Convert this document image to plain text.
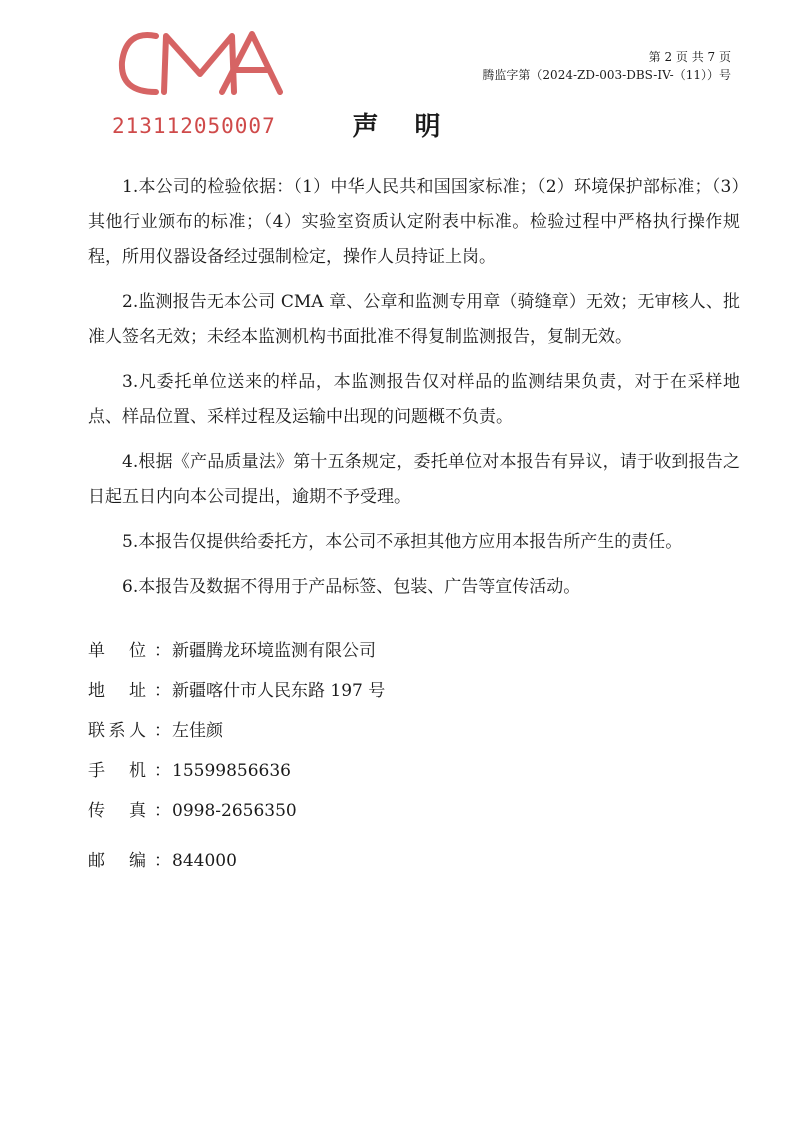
213112050007
第 2 页 共 7 页
腾监字第（2024-ZD-003-DBS-IV-（11））号
声明

1.本公司的检验依据：（1）中华人民共和国国家标准；（2）环境保护部标准；（3）其他行业颁布的标准；（4）实验室资质认定附表中标准。检验过程中严格执行操作规程，所用仪器设备经过强制检定，操作人员持证上岗。

2.监测报告无本公司 CMA 章、公章和监测专用章（骑缝章）无效；无审核人、批准人签名无效；未经本监测机构书面批准不得复制监测报告，复制无效。

3.凡委托单位送来的样品，本监测报告仅对样品的监测结果负责，对于在采样地点、样品位置、采样过程及运输中出现的问题概不负责。

4.根据《产品质量法》第十五条规定，委托单位对本报告有异议，请于收到报告之日起五日内向本公司提出，逾期不予受理。

5.本报告仅提供给委托方，本公司不承担其他方应用本报告所产生的责任。

6.本报告及数据不得用于产品标签、包装、广告等宣传活动。

单位 ： 新疆腾龙环境监测有限公司
地址 ： 新疆喀什市人民东路 197 号
联系人 ： 左佳颜
手机 ： 15599856636
传真 ： 0998-2656350
邮编 ： 844000
